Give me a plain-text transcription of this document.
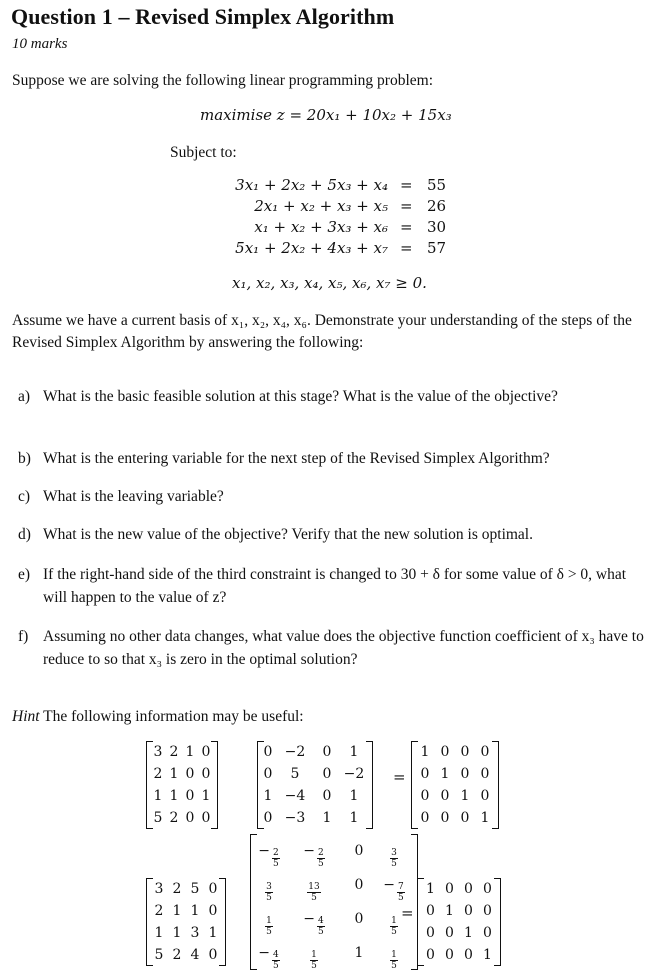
Question 1 – Revised Simplex Algorithm
10 marks
Suppose we are solving the following linear programming problem:
maximise z = 20x₁ + 10x₂ + 15x₃
Subject to:
3x₁ + 2x₂ + 5x₃ + x₄ = 55
2x₁ + x₂ + x₃ + x₅ = 26
x₁ + x₂ + 3x₃ + x₆ = 30
5x₁ + 2x₂ + 4x₃ + x₇ = 57
x₁, x₂, x₃, x₄, x₅, x₆, x₇ ≥ 0.
Assume we have a current basis of x₁, x₂, x₄, x₆. Demonstrate your understanding of the steps of the Revised Simplex Algorithm by answering the following:
a) What is the basic feasible solution at this stage? What is the value of the objective?
b) What is the entering variable for the next step of the Revised Simplex Algorithm?
c) What is the leaving variable?
d) What is the new value of the objective? Verify that the new solution is optimal.
e) If the right-hand side of the third constraint is changed to 30 + δ for some value of δ > 0, what will happen to the value of z?
f) Assuming no other data changes, what value does the objective function coefficient of x₃ have to reduce to so that x₃ is zero in the optimal solution?
Hint The following information may be useful:
3 2 1 0
2 1 0 0
1 1 0 1
5 2 0 0
0 −2	0	1
0	5	0 −2
1 −4	0	1
0 −3	1	1
=
1 0 0 0
0 1 0 0
0 0 1 0
0 0 0 1
3 2 5 0
2 1 1 0
1 1 3 1
5 2 4 0
− $\frac{2}{5}$	− $\frac{2}{5}$	0	$\frac{3}{5}$
$\frac{3}{5}$	$\frac{13}{5}$	0	− $\frac{7}{5}$
$\frac{1}{5}$	− $\frac{4}{5}$	0	$\frac{1}{5}$
− $\frac{4}{5}$	$\frac{1}{5}$	1	$\frac{1}{5}$
=
1 0 0 0
0 1 0 0
0 0 1 0
0 0 0 1
